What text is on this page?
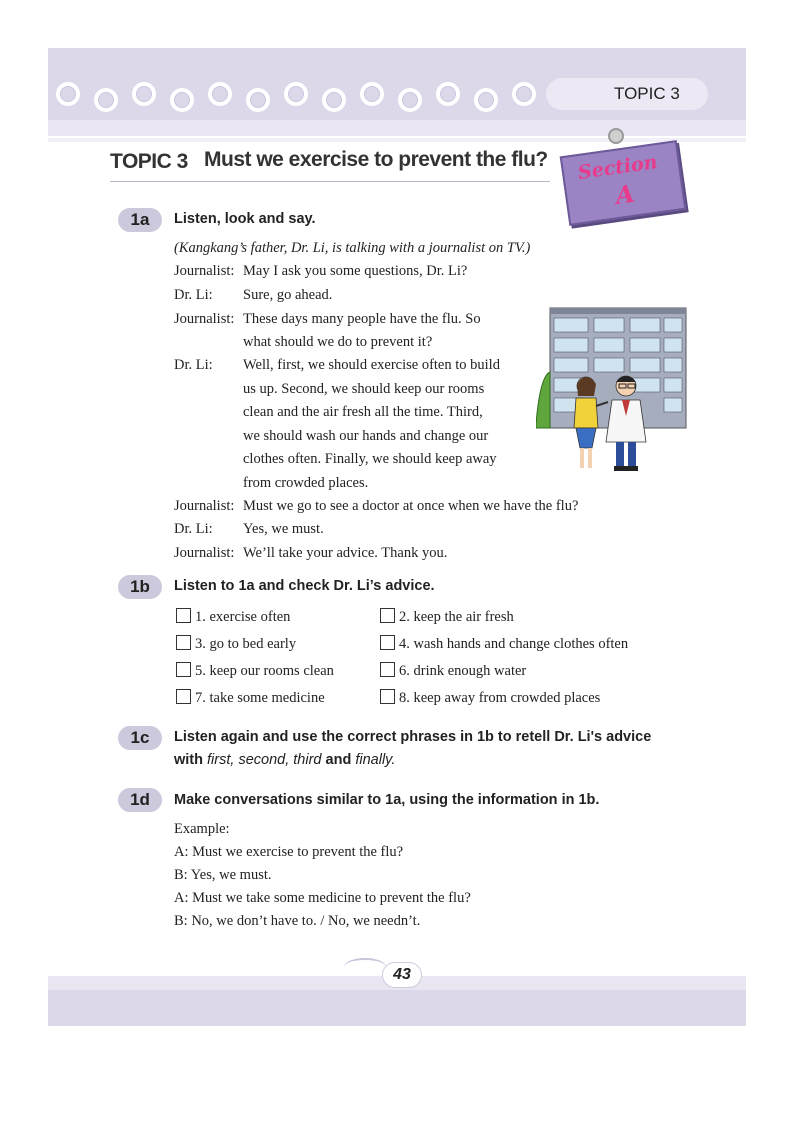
TOPIC 3
TOPIC 3 Must we exercise to prevent the flu? Section
A
1a	Listen, look and say.
(Kangkang’s father, Dr. Li, is talking with a journalist on TV.)
Journalist: May I ask you some questions, Dr. Li?
Dr. Li: Sure, go ahead.
Journalist: These days many people have the flu. So
what should we do to prevent it?
Dr. Li: Well, first, we should exercise often to build
us up. Second, we should keep our rooms
clean and the air fresh all the time. Third,
we should wash our hands and change our
clothes often. Finally, we should keep away
from crowded places.
Journalist: Must we go to see a doctor at once when we have the flu?
Dr. Li: Yes, we must.
Journalist: We’ll take your advice. Thank you.
1b	Listen to 1a and check Dr. Li’s advice.
1. exercise often	2. keep the air fresh
3. go to bed early	4. wash hands and change clothes often
5. keep our rooms clean	6. drink enough water
7. take some medicine	8. keep away from crowded places
1c	Listen again and use the correct phrases in 1b to retell Dr. Li's advice
with first, second, third and finally.
1d	Make conversations similar to 1a, using the information in 1b.
Example:
A: Must we exercise to prevent the flu?
B: Yes, we must.
A: Must we take some medicine to prevent the flu?
B: No, we don’t have to. / No, we needn’t.
43
